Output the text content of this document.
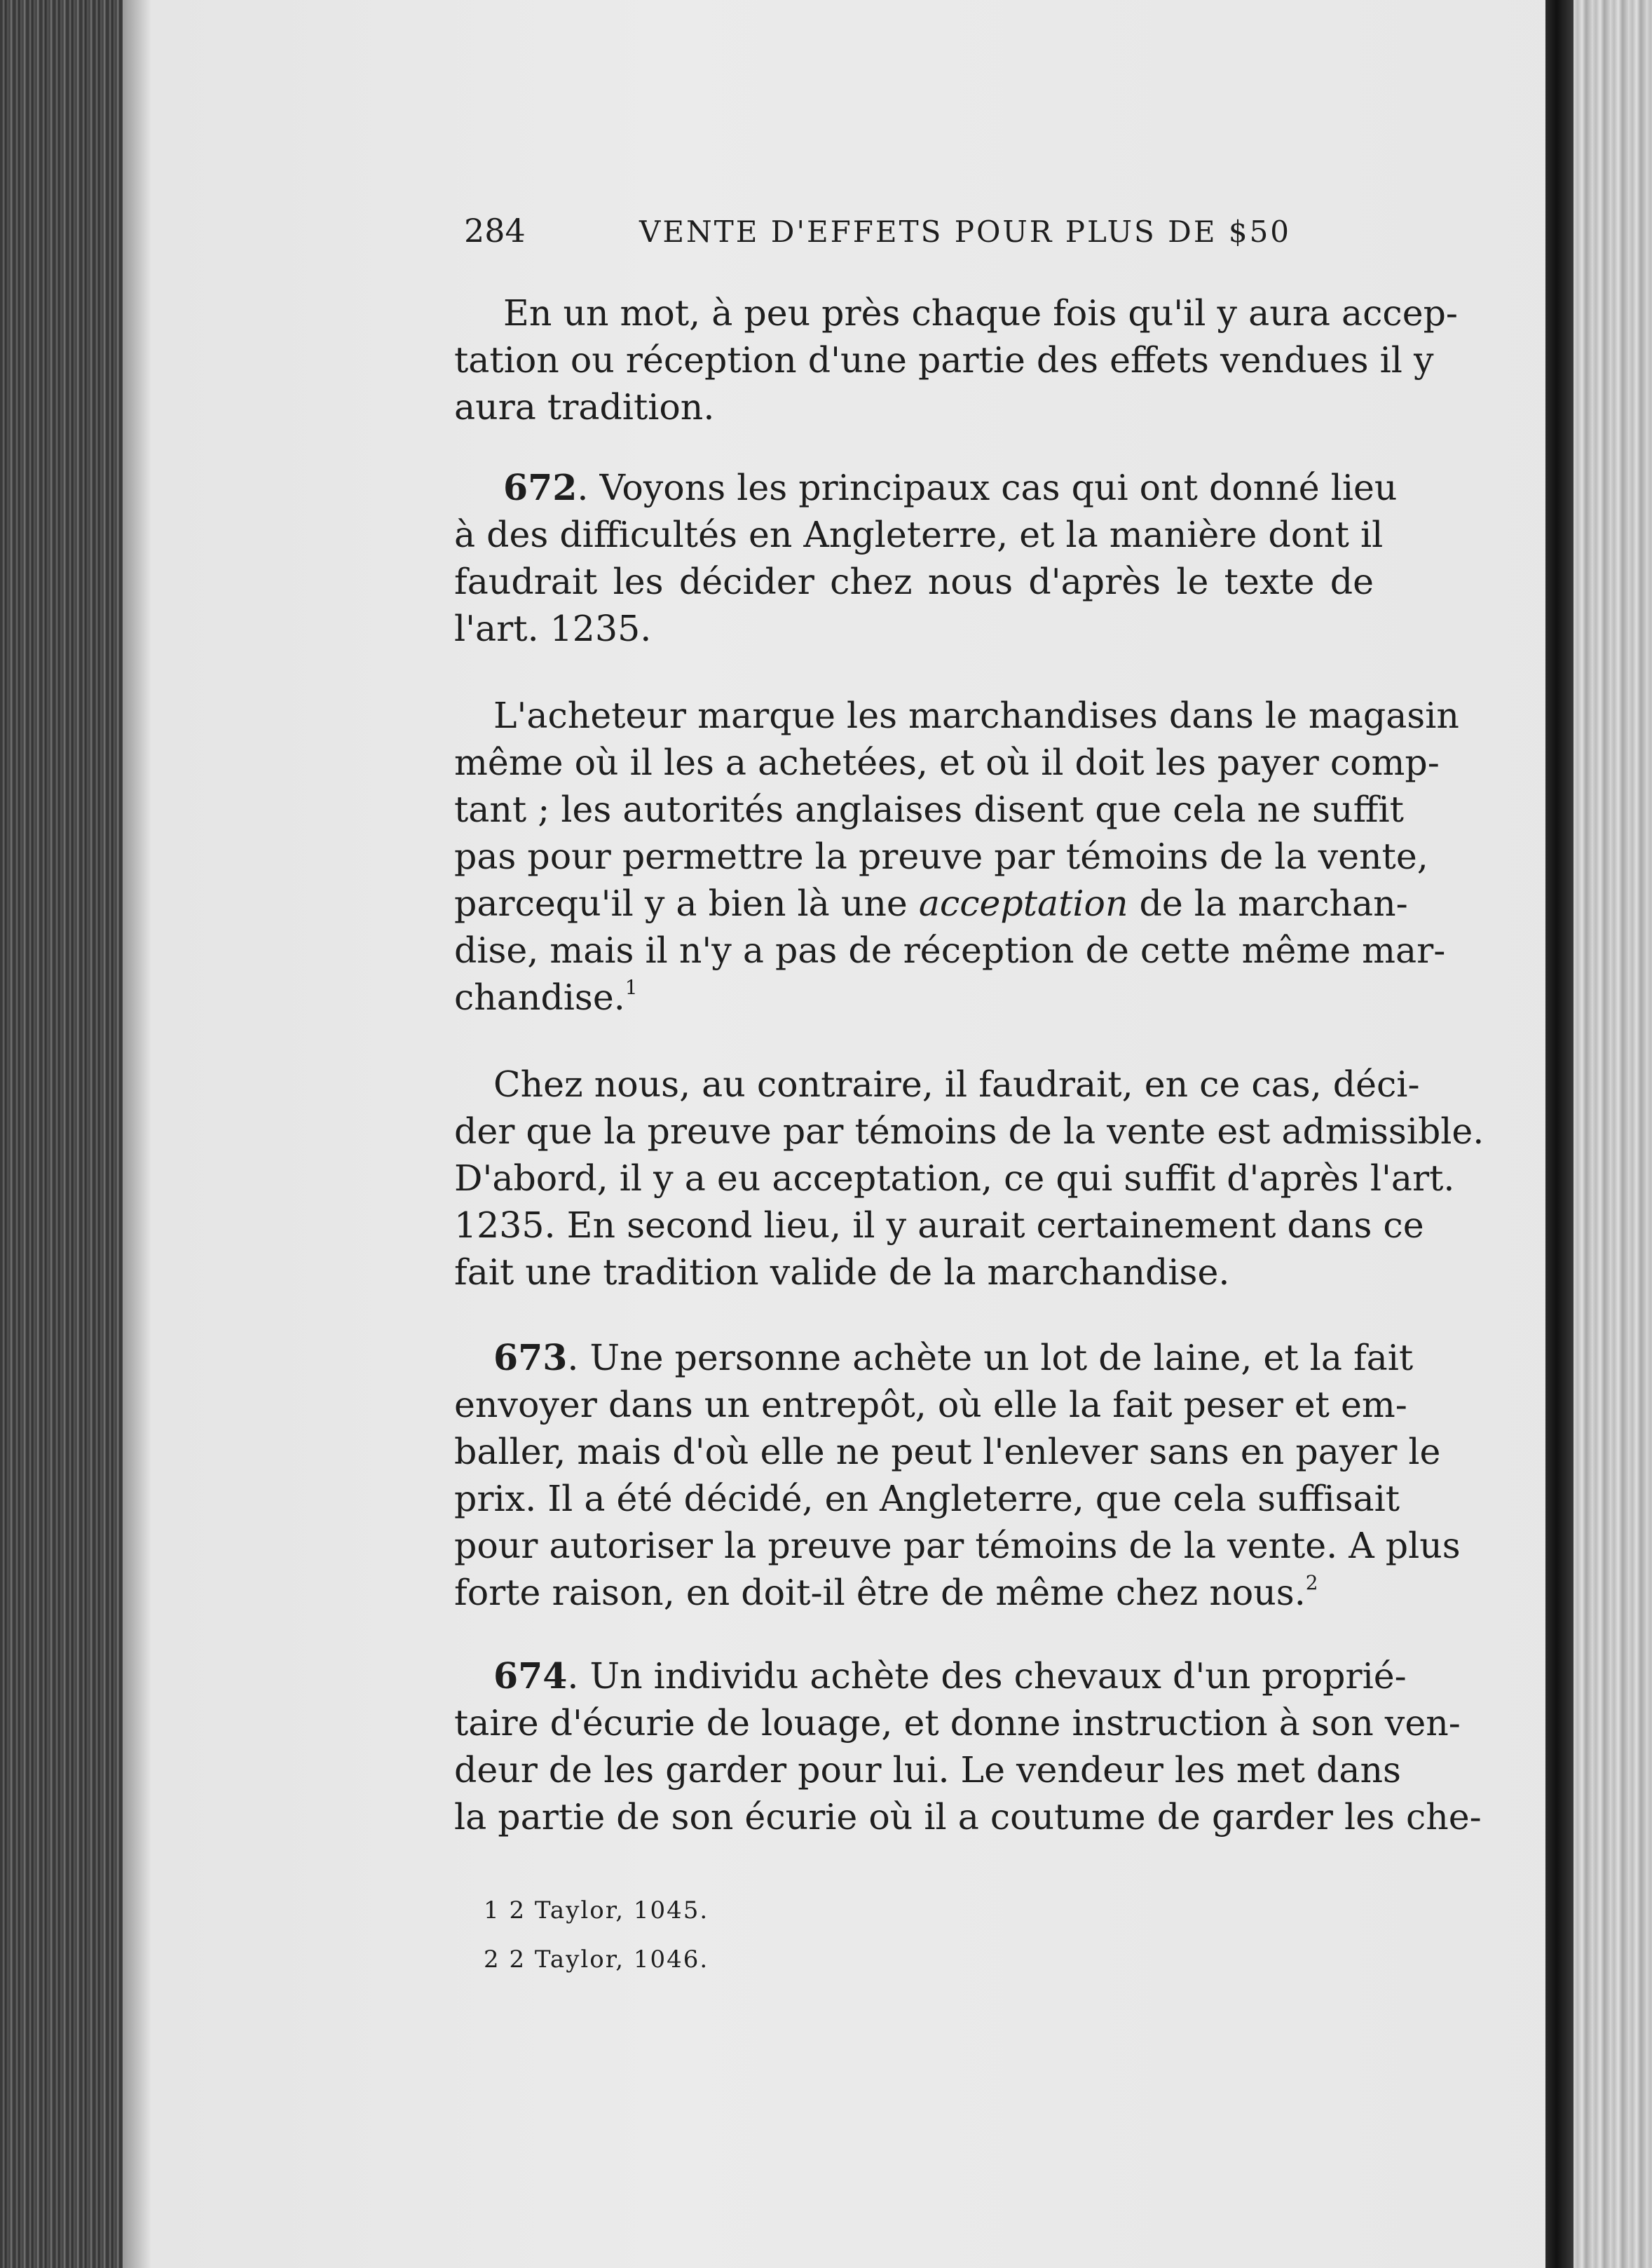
284	VENTE D'EFFETS POUR PLUS DE $50
En un mot, à peu près chaque fois qu'il y aura accep-
tation ou réception d'une partie des effets vendues il y
aura tradition.
672. Voyons les principaux cas qui ont donné lieu
à des difficultés en Angleterre, et la manière dont il
faudrait les décider chez nous d'après le texte de
l'art. 1235.
L'acheteur marque les marchandises dans le magasin
même où il les a achetées, et où il doit les payer comp-
tant ; les autorités anglaises disent que cela ne suffit
pas pour permettre la preuve par témoins de la vente,
parcequ'il y a bien là une acceptation de la marchan-
dise, mais il n'y a pas de réception de cette même mar-
chandise.$^1$
Chez nous, au contraire, il faudrait, en ce cas, déci-
der que la preuve par témoins de la vente est admissible.
D'abord, il y a eu acceptation, ce qui suffit d'après l'art.
1235. En second lieu, il y aurait certainement dans ce
fait une tradition valide de la marchandise.
673. Une personne achète un lot de laine, et la fait
envoyer dans un entrepôt, où elle la fait peser et em-
baller, mais d'où elle ne peut l'enlever sans en payer le
prix. Il a été décidé, en Angleterre, que cela suffisait
pour autoriser la preuve par témoins de la vente. A plus
forte raison, en doit-il être de même chez nous.$^2$
674. Un individu achète des chevaux d'un proprié-
taire d'écurie de louage, et donne instruction à son ven-
deur de les garder pour lui. Le vendeur les met dans
la partie de son écurie où il a coutume de garder les che-
1 2 Taylor, 1045.
2 2 Taylor, 1046.
